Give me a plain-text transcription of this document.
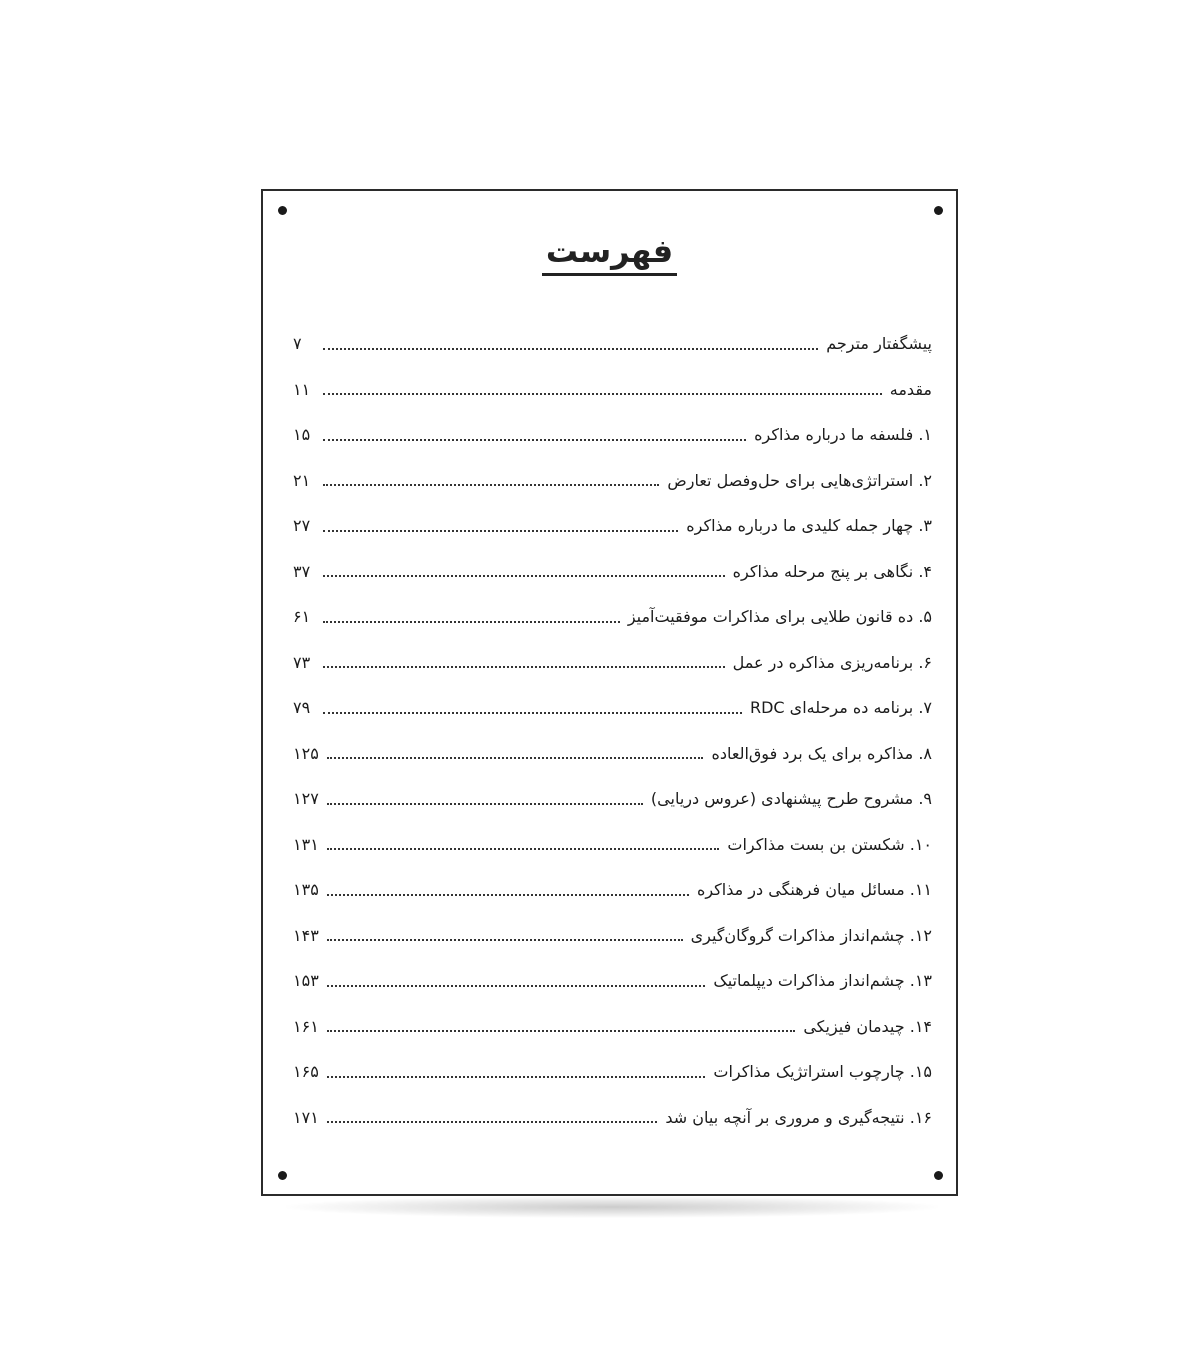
فهرست
پیشگفتار مترجم
۷
مقدمه
۱۱
۱. فلسفه ما درباره مذاکره
۱۵
۲. استراتژی‌هایی برای حل‌وفصل تعارض
۲۱
۳. چهار جمله کلیدی ما درباره مذاکره
۲۷
۴. نگاهی بر پنج مرحله مذاکره
۳۷
۵. ده قانون طلایی برای مذاکرات موفقیت‌آمیز
۶۱
۶. برنامه‌ریزی مذاکره در عمل
۷۳
۷. برنامه ده مرحله‌ای RDC
۷۹
۸. مذاکره برای یک برد فوق‌العاده
۱۲۵
۹. مشروح طرح پیشنهادی (عروس دریایی)
۱۲۷
۱۰. شکستن بن بست مذاکرات
۱۳۱
۱۱. مسائل میان فرهنگی در مذاکره
۱۳۵
۱۲. چشم‌انداز مذاکرات گروگان‌گیری
۱۴۳
۱۳. چشم‌انداز مذاکرات دیپلماتیک
۱۵۳
۱۴. چیدمان فیزیکی
۱۶۱
۱۵. چارچوب استراتژیک مذاکرات
۱۶۵
۱۶. نتیجه‌گیری و مروری بر آنچه بیان شد
۱۷۱
